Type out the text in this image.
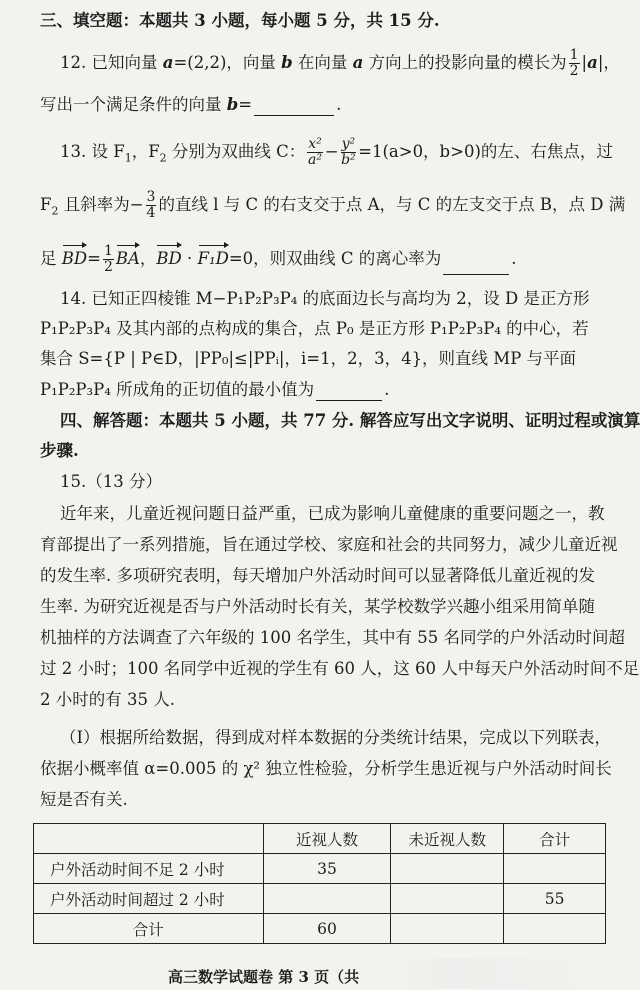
三、填空题：本题共 3 小题，每小题 5 分，共 15 分.
12. 已知向量 a=(2,2)，向量 b 在向量 a 方向上的投影向量的模长为 $\frac{1}{2} |a|$，
写出一个满足条件的向量 b=	.
13. 设 $F_1$，$F_2$ 分别为双曲线 C： $\frac{\text{x²}}{\text{a²}} - \frac{\text{y²}}{\text{b²}} =1(a>0$，b>0)的左、右焦点，过
$F_2$ 且斜率为− $\frac{3}{4}$ 的直线 l 与 C 的右支交于点 A，与 C 的左支交于点 B，点 D 满
足 $BD= \frac{1}{2}$ BA，BD · F₁D=0，则双曲线 C 的离心率为	.
14. 已知正四棱锥 M−P₁P₂P₃P₄ 的底面边长与高均为 2，设 D 是正方形
P₁P₂P₃P₄ 及其内部的点构成的集合，点 P₀ 是正方形 P₁P₂P₃P₄ 的中心，若
集合 S={P | P∈D，|PP₀|≤|PPᵢ|，i=1，2，3，4}，则直线 MP 与平面
P₁P₂P₃P₄ 所成角的正切值的最小值为	.
四、解答题：本题共 5 小题，共 77 分. 解答应写出文字说明、证明过程或演算
步骤.
15.（13 分）
近年来，儿童近视问题日益严重，已成为影响儿童健康的重要问题之一，教
育部提出了一系列措施，旨在通过学校、家庭和社会的共同努力，减少儿童近视
的发生率. 多项研究表明，每天增加户外活动时间可以显著降低儿童近视的发
生率. 为研究近视是否与户外活动时长有关，某学校数学兴趣小组采用简单随
机抽样的方法调查了六年级的 100 名学生，其中有 55 名同学的户外活动时间超
过 2 小时；100 名同学中近视的学生有 60 人，这 60 人中每天户外活动时间不足
2 小时的有 35 人.
（Ⅰ）根据所给数据，得到成对样本数据的分类统计结果，完成以下列联表，
依据小概率值 α=0.005 的 χ² 独立性检验，分析学生患近视与户外活动时间长
短是否有关.
	近视人数	未近视人数	合计
户外活动时间不足 2 小时	35		
户外活动时间超过 2 小时			55
合计	60		
高三数学试题卷 第 3 页（共
